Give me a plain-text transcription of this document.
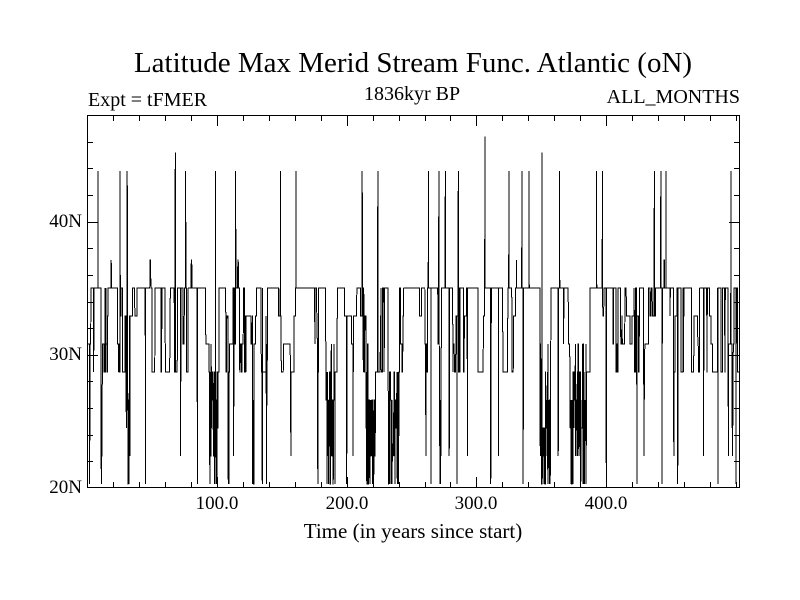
Latitude Max Merid Stream Func. Atlantic (oN)
Expt = tFMER	1836kyr BP	ALL_MONTHS
40N
30N
20N
100.0	200.0	300.0	400.0
Time (in years since start)
